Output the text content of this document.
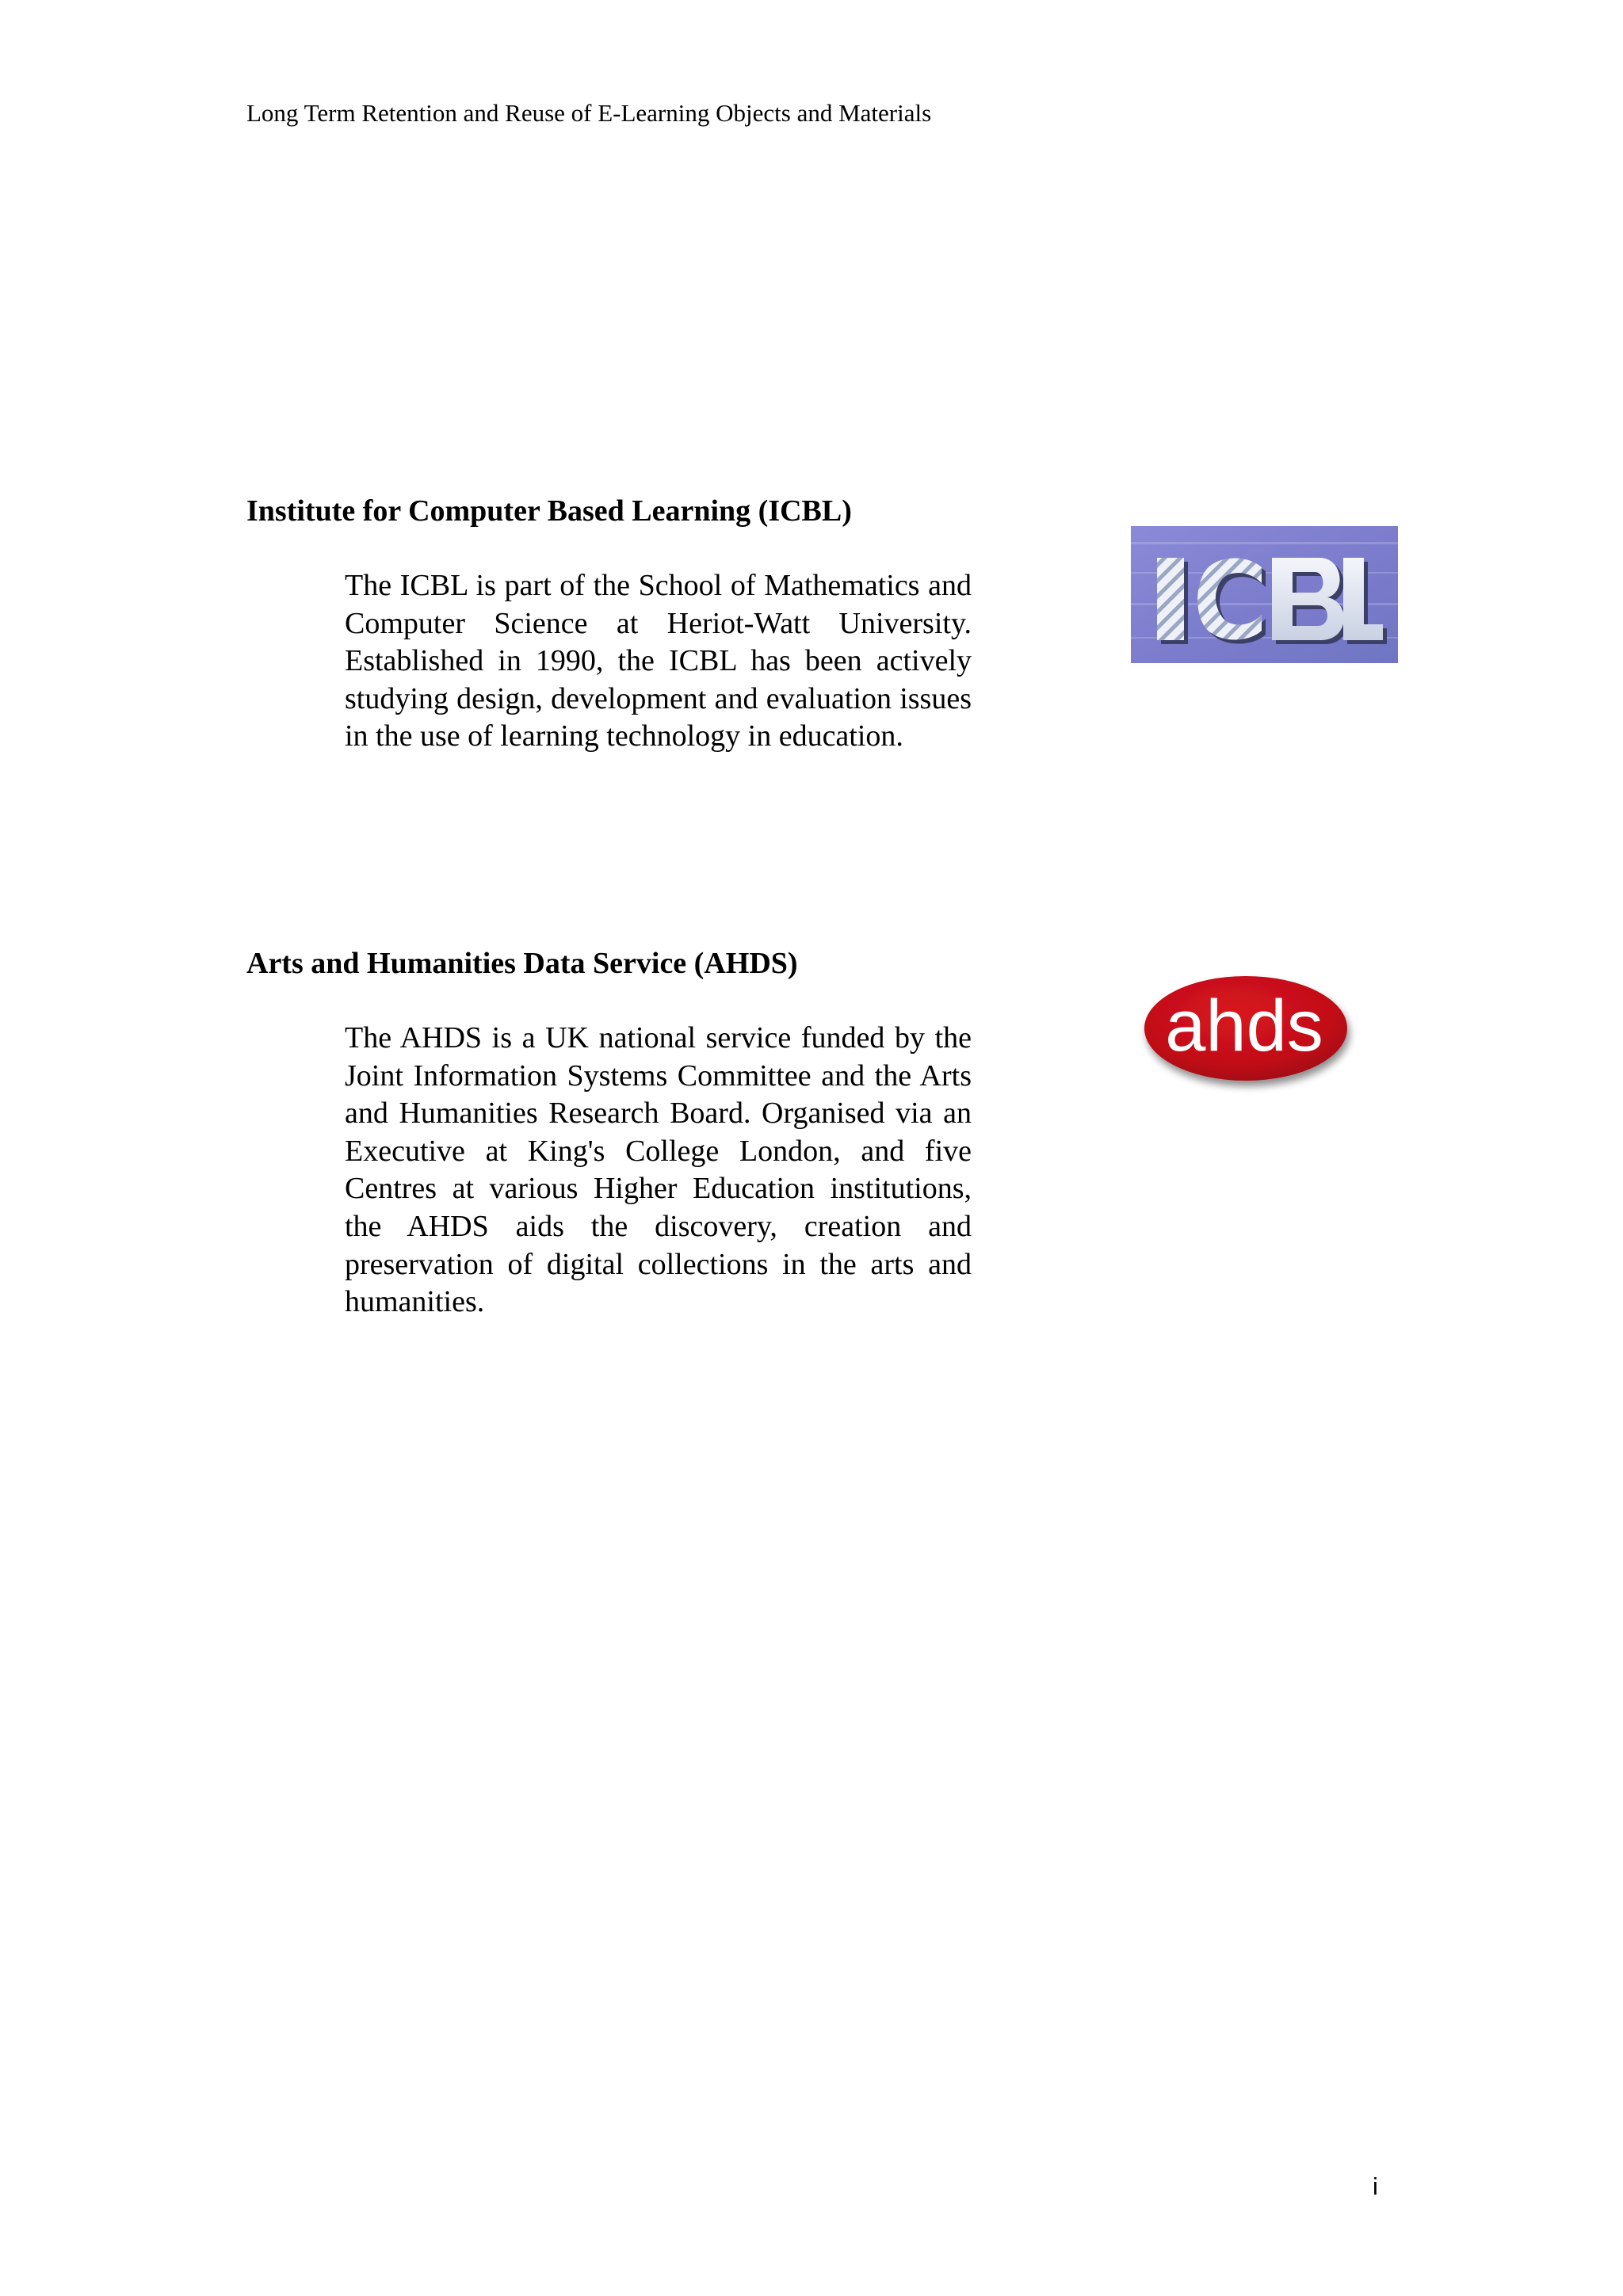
Long Term Retention and Reuse of E-Learning Objects and Materials
Institute for Computer Based Learning (ICBL)

The ICBL is part of the School of Mathematics and Computer Science at Heriot-Watt University. Established in 1990, the ICBL has been actively studying design, development and evaluation issues in the use of learning technology in education.

Arts and Humanities Data Service (AHDS)

The AHDS is a UK national service funded by the Joint Information Systems Committee and the Arts and Humanities Research Board. Organised via an Executive at King's College London, and five Centres at various Higher Education institutions, the AHDS aids the discovery, creation and preservation of digital collections in the arts and humanities.

ahds
i
